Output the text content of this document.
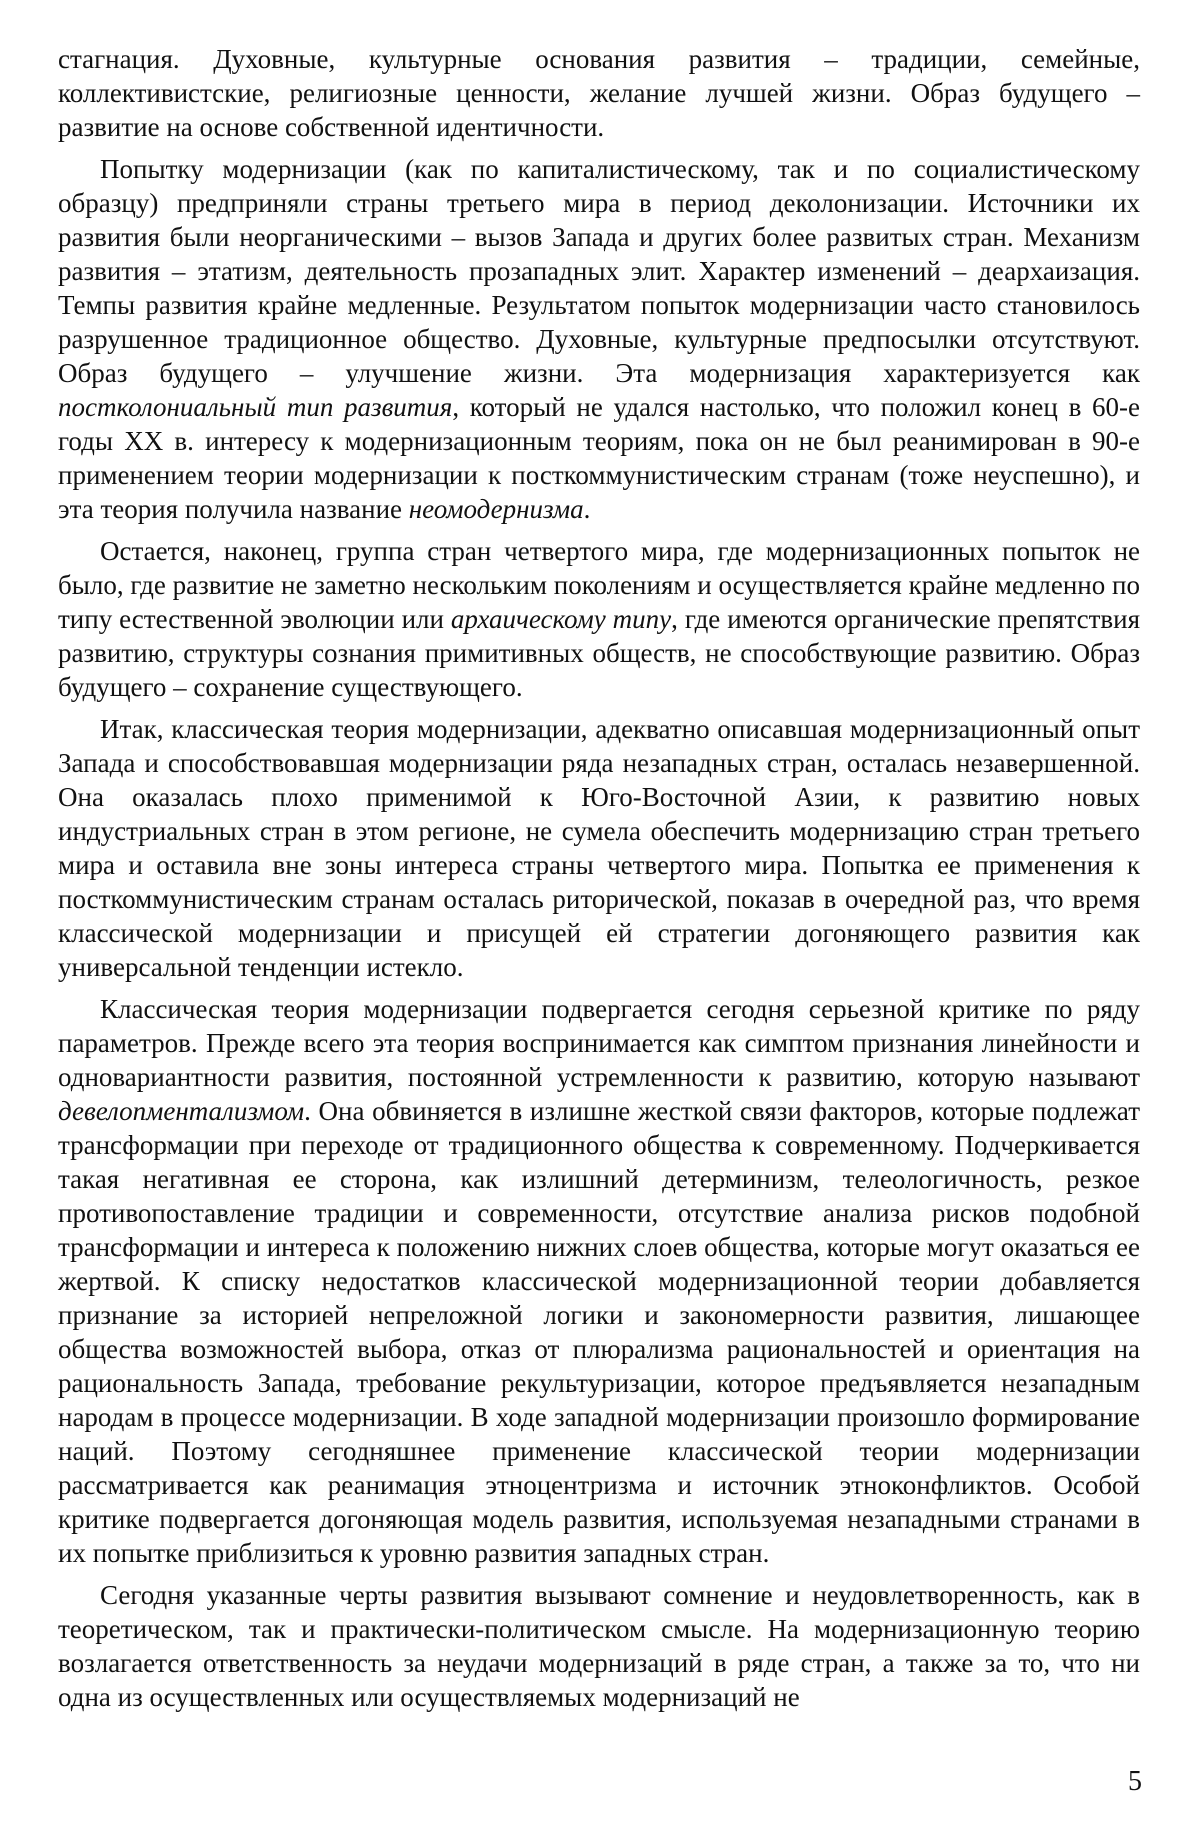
стагнация. Духовные, культурные основания развития – традиции, семейные, коллективистские, религиозные ценности, желание лучшей жизни. Образ будущего – развитие на основе собственной идентичности.

Попытку модернизации (как по капиталистическому, так и по социалистическому образцу) предприняли страны третьего мира в период деколонизации. Источники их развития были неорганическими – вызов Запада и других более развитых стран. Механизм развития – этатизм, деятельность прозападных элит. Характер изменений – деархаизация. Темпы развития крайне медленные. Результатом попыток модернизации часто становилось разрушенное традиционное общество. Духовные, культурные предпосылки отсутствуют. Образ будущего – улучшение жизни. Эта модернизация характеризуется как постколониальный тип развития, который не удался настолько, что положил конец в 60-е годы XX в. интересу к модернизационным теориям, пока он не был реанимирован в 90-е применением теории модернизации к посткоммунистическим странам (тоже неуспешно), и эта теория получила название неомодернизма.

Остается, наконец, группа стран четвертого мира, где модернизационных попыток не было, где развитие не заметно нескольким поколениям и осуществляется крайне медленно по типу естественной эволюции или архаическому типу, где имеются органические препятствия развитию, структуры сознания примитивных обществ, не способствующие развитию. Образ будущего – сохранение существующего.

Итак, классическая теория модернизации, адекватно описавшая модернизационный опыт Запада и способствовавшая модернизации ряда незападных стран, осталась незавершенной. Она оказалась плохо применимой к Юго-Восточной Азии, к развитию новых индустриальных стран в этом регионе, не сумела обеспечить модернизацию стран третьего мира и оставила вне зоны интереса страны четвертого мира. Попытка ее применения к посткоммунистическим странам осталась риторической, показав в очередной раз, что время классической модернизации и присущей ей стратегии догоняющего развития как универсальной тенденции истекло.

Классическая теория модернизации подвергается сегодня серьезной критике по ряду параметров. Прежде всего эта теория воспринимается как симптом признания линейности и одновариантности развития, постоянной устремленности к развитию, которую называют девелопментализмом. Она обвиняется в излишне жесткой связи факторов, которые подлежат трансформации при переходе от традиционного общества к современному. Подчеркивается такая негативная ее сторона, как излишний детерминизм, телеологичность, резкое противопоставление традиции и современности, отсутствие анализа рисков подобной трансформации и интереса к положению нижних слоев общества, которые могут оказаться ее жертвой. К списку недостатков классической модернизационной теории добавляется признание за историей непреложной логики и закономерности развития, лишающее общества возможностей выбора, отказ от плюрализма рациональностей и ориентация на рациональность Запада, требование рекультуризации, которое предъявляется незападным народам в процессе модернизации. В ходе западной модернизации произошло формирование наций. Поэтому сегодняшнее применение классической теории модернизации рассматривается как реанимация этноцентризма и источник этноконфликтов. Особой критике подвергается догоняющая модель развития, используемая незападными странами в их попытке приблизиться к уровню развития западных стран.

Сегодня указанные черты развития вызывают сомнение и неудовлетворенность, как в теоретическом, так и практически-политическом смысле. На модернизационную теорию возлагается ответственность за неудачи модернизаций в ряде стран, а также за то, что ни одна из осуществленных или осуществляемых модернизаций не

5
